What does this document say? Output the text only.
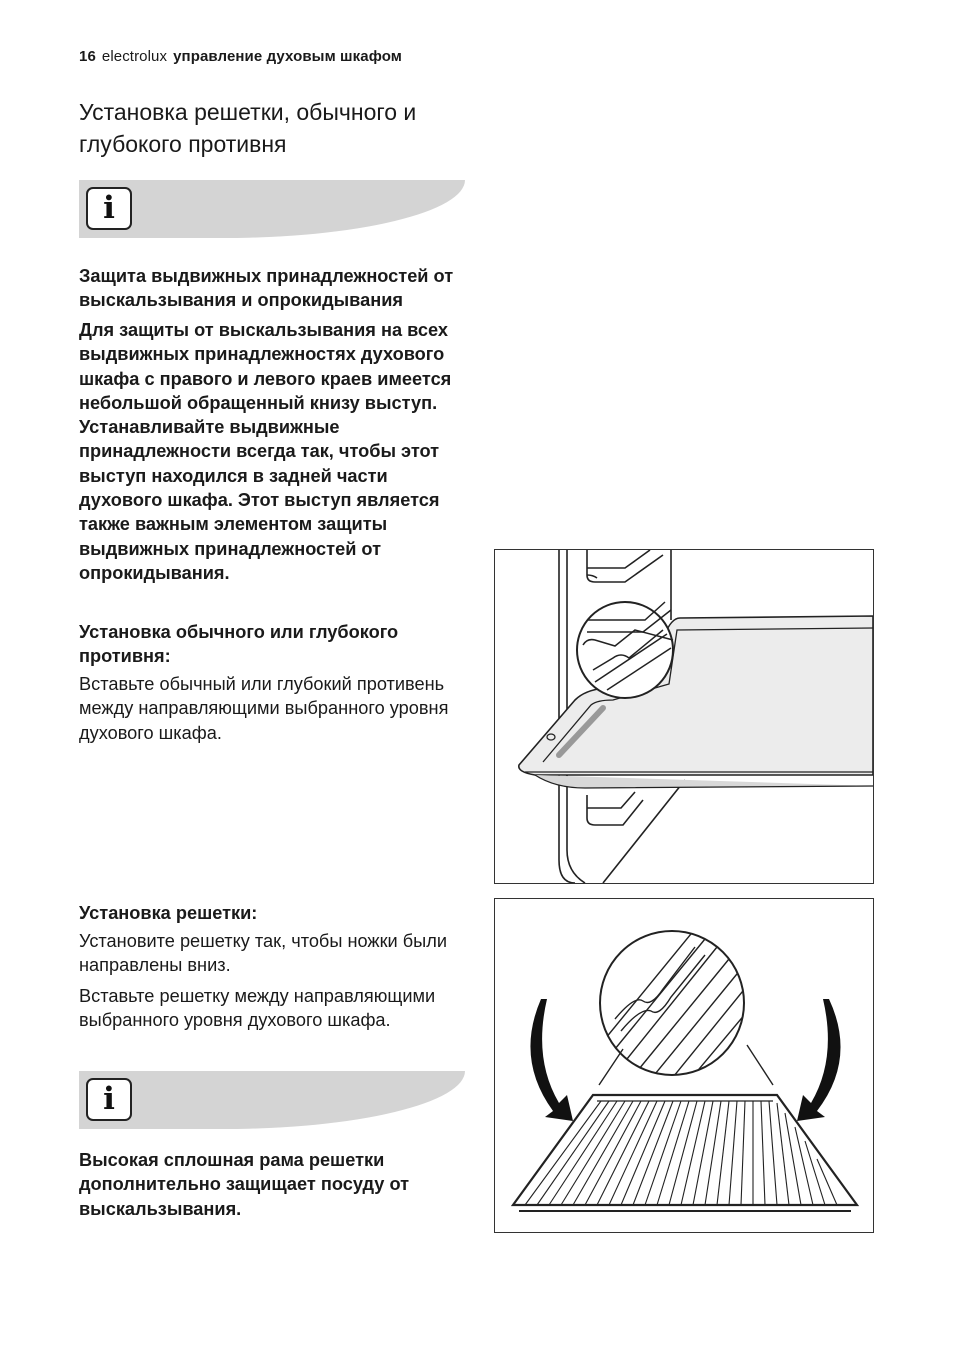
16 electrolux управление духовым шкафом
Установка решетки, обычного и глубокого противня
i

Защита выдвижных принадлежностей от выскальзывания и опрокидывания

Для защиты от выскальзывания на всех выдвижных принадлежностях духового шкафа с правого и левого краев имеется небольшой обращенный книзу выступ. Устанавливайте выдвижные принадлежности всегда так, чтобы этот выступ находился в задней части духового шкафа. Этот выступ является также важным элементом защиты выдвижных принадлежностей от опрокидывания.

Установка обычного или глубокого противня:

Вставьте обычный или глубокий противень между направляющими выбранного уровня духового шкафа.

Установка решетки:

Установите решетку так, чтобы ножки были направлены вниз.

Вставьте решетку между направляющими выбранного уровня духового шкафа.

i

Высокая сплошная рама решетки дополнительно защищает посуду от выскальзывания.
